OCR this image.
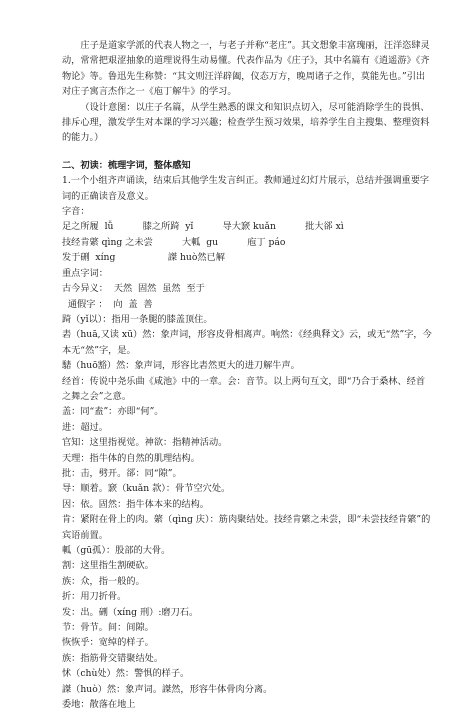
庄子是道家学派的代表人物之一，与老子并称“老庄”。其文想象丰富瑰丽，汪洋恣肆灵动，常常把艰涩抽象的道理说得生动易懂。代表作品为《庄子》，其中名篇有《逍遥游》《齐物论》等。鲁迅先生称赞：“其文则汪洋辟阖，仪态万方，晚周诸子之作，莫能先也。”引出对庄子寓言杰作之一《庖丁解牛》的学习。

（设计意图：以庄子名篇，从学生熟悉的课文和知识点切入，尽可能消除学生的畏惧、排斥心理，激发学生对本课的学习兴趣；检查学生预习效果，培养学生自主搜集、整理资料的能力。）

二、初读：梳理字词，整体感知

1.一个小组齐声诵读，结束后其他学生发言纠正。教师通过幻灯片展示，总结并强调重要字词的正确读音及意义。

字音：

足之所履  lǚ          膝之所踦  yǐ          导大窾 kuǎn          批大郤 xì

技经肯綮 qìng 之未尝          大軱  gu          庖丁 páo

发于硎  xíng                  謋 huò然已解

重点字词：

古今异义：  天然  固然  虽然  至于

通假字 ：  向  盖  善

踦（yǐ以）：指用一条腿的膝盖顶住。

砉（huā,又读 xū）然：象声词，形容皮骨相离声。响然：《经典释文》云，或无“然”字，今本无“然”字，是。

騞（huō豁）然：象声词，形容比砉然更大的进刀解牛声。

经首：传说中尧乐曲《咸池》中的一章。会：音节。以上两句互文，即“乃合于桑林、经首之舞之会”之意。

盖：同“盍”：亦即“何”。

进：超过。

官知：这里指视觉。神欲：指精神活动。

天理：指牛体的自然的肌理结构。

批：击，劈开。郤：同“隙”。

导：顺着。窾（kuǎn 款）：骨节空穴处。

因：依。固然：指牛体本来的结构。

肯：紧附在骨上的肉。綮（qìng 庆）：筋肉聚结处。技经肯綮之未尝，即“未尝技经肯綮”的宾语前置。

軱（gū孤）：股部的大骨。

割：这里指生割硬砍。

族：众，指一般的。

折：用刀折骨。

发：出。硎（xíng 刑）:磨刀石。

节：骨节。间：间隙。

恢恢乎：宽绰的样子。

族：指筋骨交错聚结处。

怵（chù处）然：警惧的样子。

謋（huò）然：象声词。謋然，形容牛体骨肉分离。

委地：散落在地上
